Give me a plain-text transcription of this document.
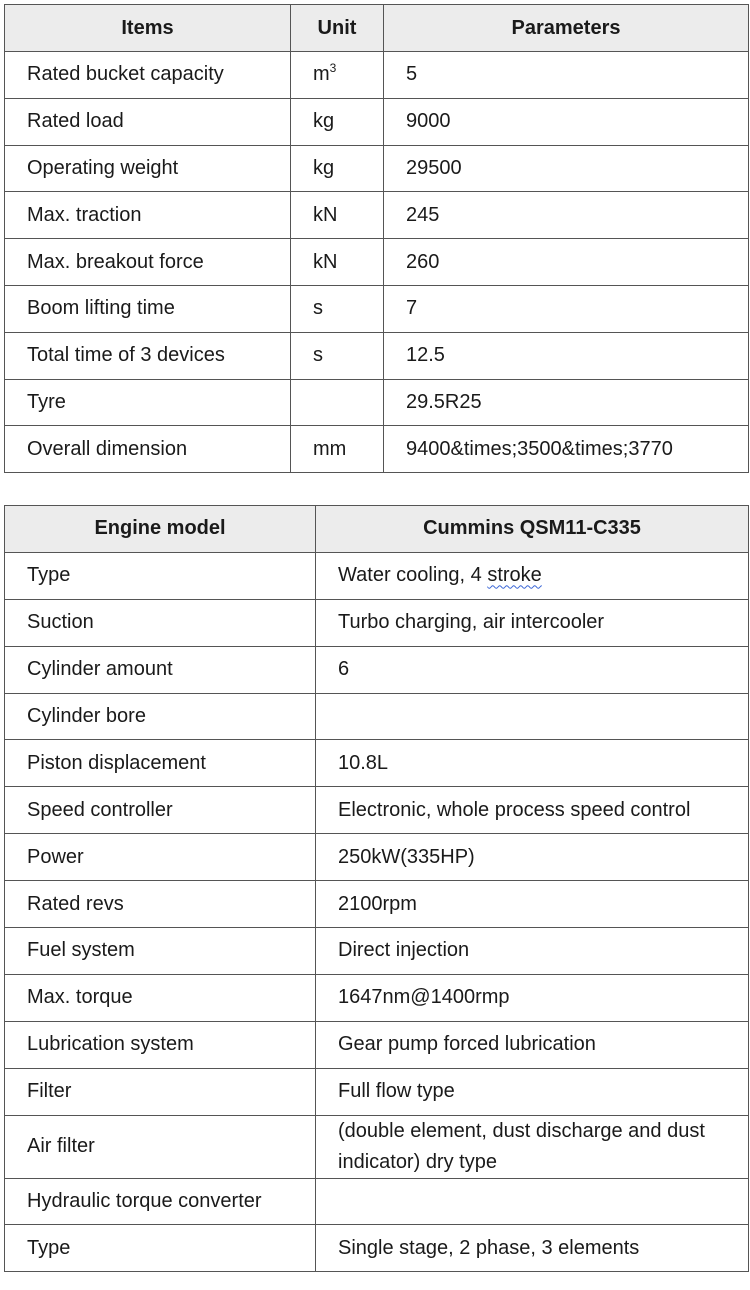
Items	Unit	Parameters
Rated bucket capacity	$m^3$	5
Rated load	kg	9000
Operating weight	kg	29500
Max. traction	kN	245
Max. breakout force	kN	260
Boom lifting time	s	7
Total time of 3 devices	s	12.5
Tyre		29.5R25
Overall dimension	mm	9400&times;3500&times;3770
Engine model	Cummins QSM11-C335
Type	Water cooling, 4 stroke
Suction	Turbo charging, air intercooler
Cylinder amount	6
Cylinder bore	
Piston displacement	10.8L
Speed controller	Electronic, whole process speed control
Power	250kW(335HP)
Rated revs	2100rpm
Fuel system	Direct injection
Max. torque	1647nm@1400rmp
Lubrication system	Gear pump forced lubrication
Filter	Full flow type
Air filter	(double element, dust discharge and dust indicator) dry type
Hydraulic torque converter	
Type	Single stage, 2 phase, 3 elements
